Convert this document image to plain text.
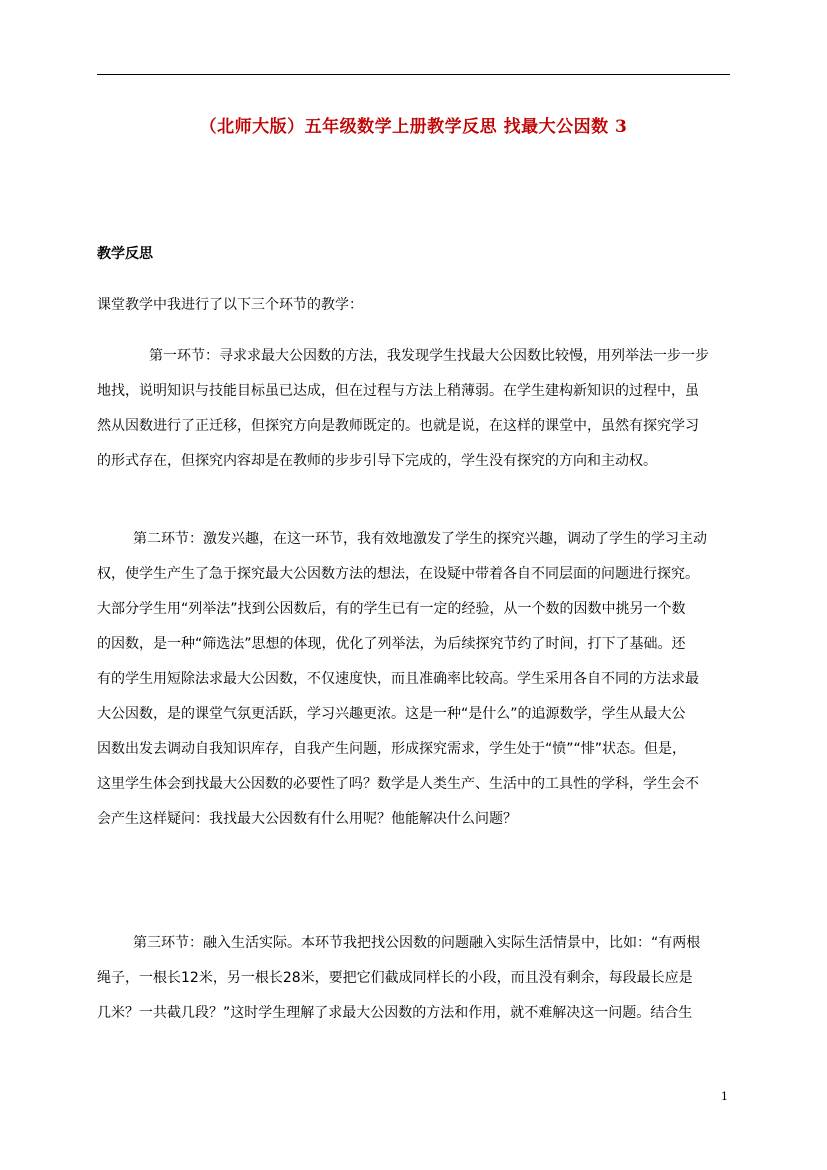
（北师大版）五年级数学上册教学反思 找最大公因数 3
教学反思
课堂教学中我进行了以下三个环节的教学：
第一环节：寻求求最大公因数的方法，我发现学生找最大公因数比较慢，用列举法一步一步
地找，说明知识与技能目标虽已达成，但在过程与方法上稍薄弱。在学生建构新知识的过程中，虽
然从因数进行了正迁移，但探究方向是教师既定的。也就是说，在这样的课堂中，虽然有探究学习
的形式存在，但探究内容却是在教师的步步引导下完成的，学生没有探究的方向和主动权。
第二环节：激发兴趣，在这一环节，我有效地激发了学生的探究兴趣，调动了学生的学习主动
权，使学生产生了急于探究最大公因数方法的想法，在设疑中带着各自不同层面的问题进行探究。
大部分学生用“列举法”找到公因数后，有的学生已有一定的经验，从一个数的因数中挑另一个数
的因数，是一种“筛选法”思想的体现，优化了列举法，为后续探究节约了时间，打下了基础。还
有的学生用短除法求最大公因数，不仅速度快，而且准确率比较高。学生采用各自不同的方法求最
大公因数，是的课堂气氛更活跃，学习兴趣更浓。这是一种“是什么”的追源数学，学生从最大公
因数出发去调动自我知识库存，自我产生问题，形成探究需求，学生处于“愤”“悱”状态。但是，
这里学生体会到找最大公因数的必要性了吗？数学是人类生产、生活中的工具性的学科，学生会不
会产生这样疑问：我找最大公因数有什么用呢？他能解决什么问题？
第三环节：融入生活实际。本环节我把找公因数的问题融入实际生活情景中，比如：“有两根
绳子，一根长12米，另一根长28米，要把它们截成同样长的小段，而且没有剩余，每段最长应是
几米？一共截几段？”这时学生理解了求最大公因数的方法和作用，就不难解决这一问题。结合生
1
